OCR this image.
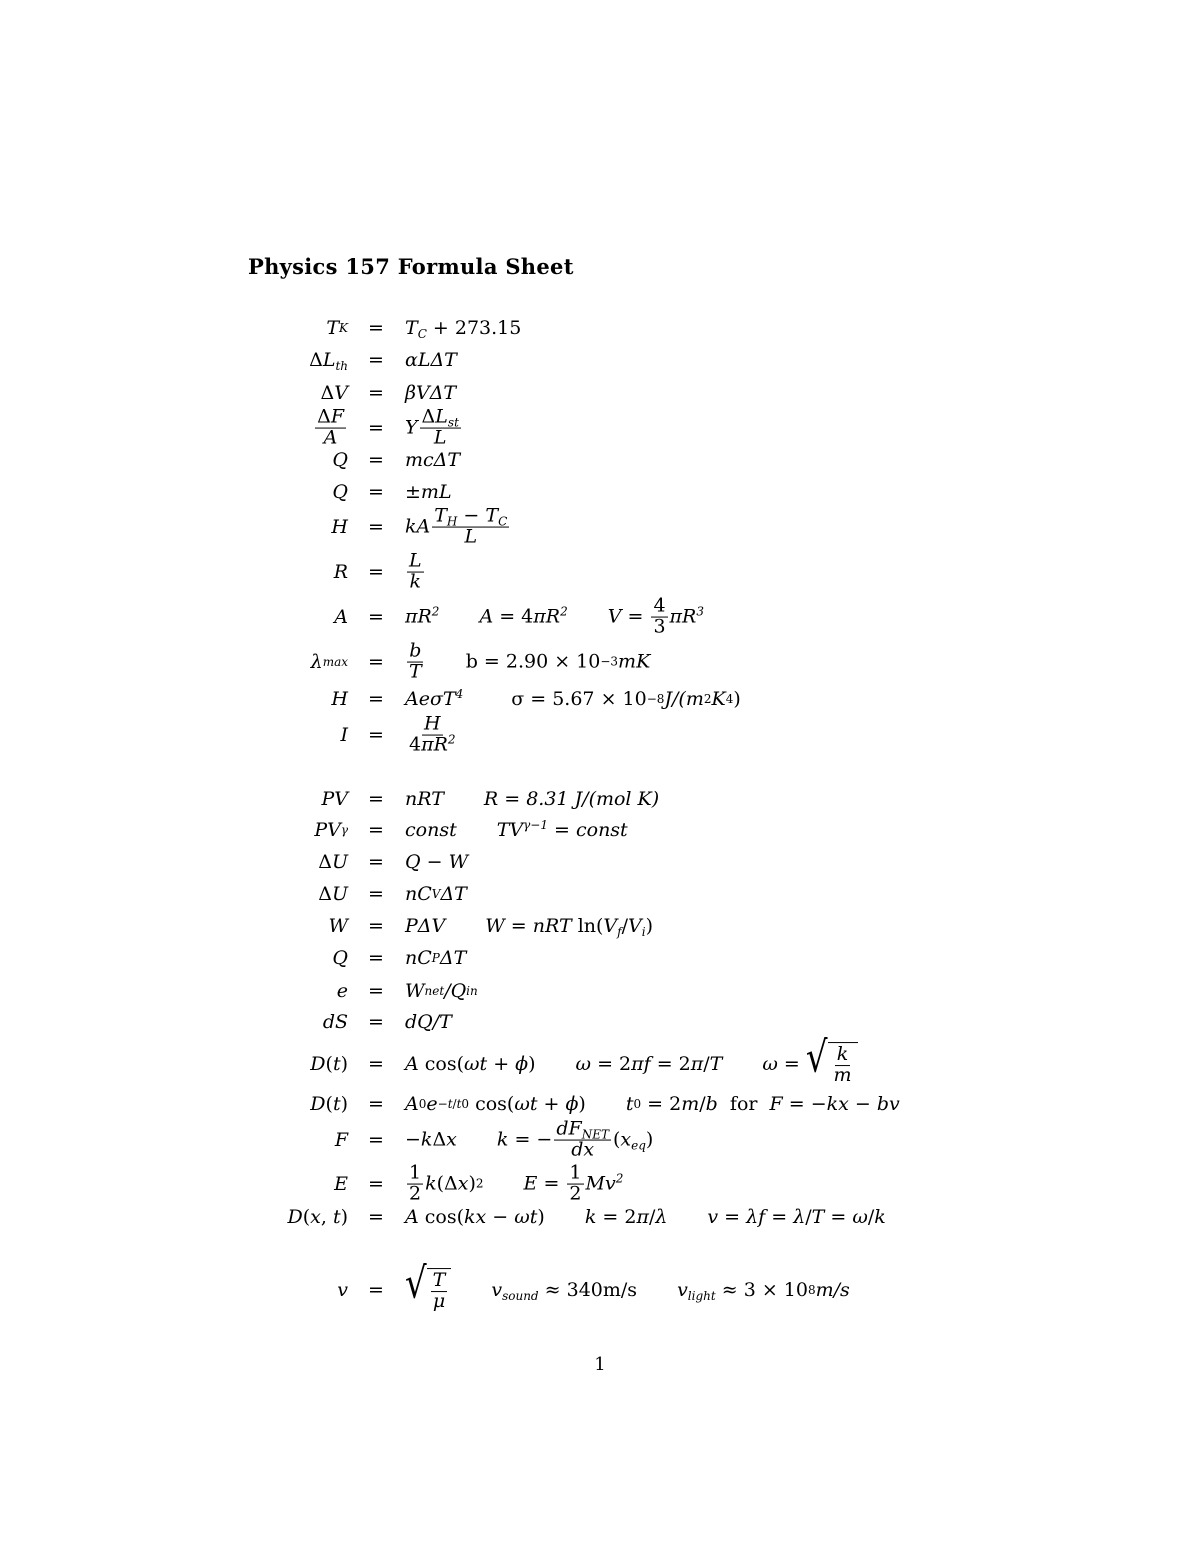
Physics 157 Formula Sheet
T $K = T_C + 273.15$
Δ $L_{th} = \alpha L\Delta T$
Δ V = βVΔT
$\frac{\Delta F}{A} = Y \frac{\Delta L_{st}}{L}$
Q = mcΔT
Q = ± mL
H = kA $\frac{T_H - T_C}{L}$
$R = \frac{L}{k}$
$A = \pi R^2$ A = 4 $\pi R^2$ $V = \frac{4}{3} \pi R^3$
λ $\max = \frac{b}{T}$ b = 2.90 × 10 −3 mK
H = AeσT$^4$	σ = 5.67 × 10 −8 J/(m 2 K 4 )
$I = \frac{H}{4\pi R^2}$
PV = nRT R = 8.31
J/(mol K)
PV γ = const $TV^{\gamma-1}$ = const
Δ U = Q − W
Δ U = nC V ΔT
W = PΔV W = nRT ln( $V_f / V_i$ )
Q = nC P ΔT
e = W net /Q in
dS = dQ/T
D ( t ) = A cos( ωt + ϕ ) ω = 2 πf = 2 π / T ω = √ $\frac{k}{m}$
D ( t ) = A 0 e −t/t0 cos( ωt + ϕ ) t 0 = 2 m / b for F = − kx − bv
F = − k Δ x k = − $\frac{dF_{NET}}{dx}$ ( $x_{eq}$ )
$E = \frac{1}{2}$ k (Δ x ) 2 $E = \frac{1}{2} Mv^2$
D ( x , t ) = A cos( kx − ωt ) k = 2 π / λ v = λf = λ / T = ω / k
v = √ $\frac{T}{\mu} v_{sound} \approx 340m/s$ $v_{light} \approx 3 \times 10$ 8 m/s
1
